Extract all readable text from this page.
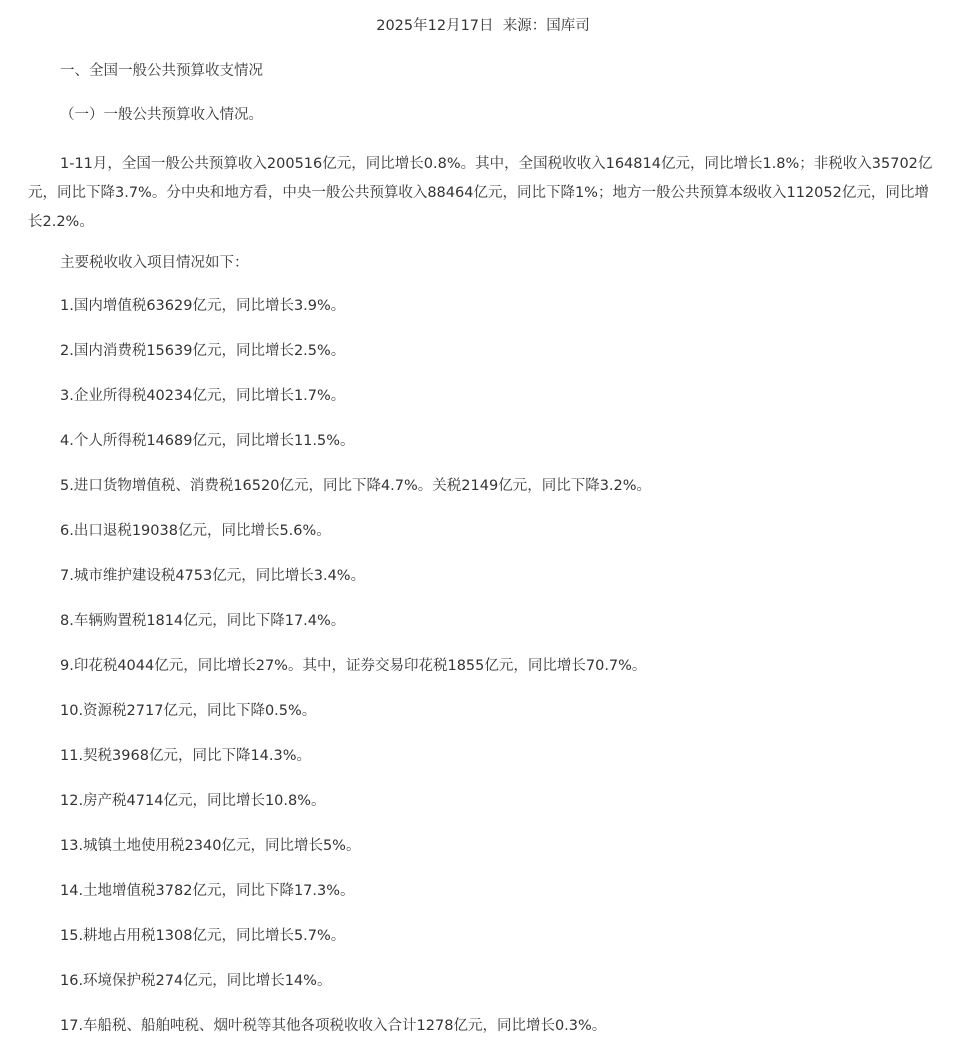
2025年12月17日 来源：国库司
一、全国一般公共预算收支情况
（一）一般公共预算收入情况。

1-11月，全国一般公共预算收入200516亿元，同比增长0.8%。其中，全国税收收入164814亿元，同比增长1.8%；非税收入35702亿元，同比下降3.7%。分中央和地方看，中央一般公共预算收入88464亿元，同比下降1%；地方一般公共预算本级收入112052亿元，同比增长2.2%。

主要税收收入项目情况如下：
1.国内增值税63629亿元，同比增长3.9%。
2.国内消费税15639亿元，同比增长2.5%。
3.企业所得税40234亿元，同比增长1.7%。
4.个人所得税14689亿元，同比增长11.5%。
5.进口货物增值税、消费税16520亿元，同比下降4.7%。关税2149亿元，同比下降3.2%。
6.出口退税19038亿元，同比增长5.6%。
7.城市维护建设税4753亿元，同比增长3.4%。
8.车辆购置税1814亿元，同比下降17.4%。
9.印花税4044亿元，同比增长27%。其中，证券交易印花税1855亿元，同比增长70.7%。
10.资源税2717亿元，同比下降0.5%。
11.契税3968亿元，同比下降14.3%。
12.房产税4714亿元，同比增长10.8%。
13.城镇土地使用税2340亿元，同比增长5%。
14.土地增值税3782亿元，同比下降17.3%。
15.耕地占用税1308亿元，同比增长5.7%。
16.环境保护税274亿元，同比增长14%。
17.车船税、船舶吨税、烟叶税等其他各项税收收入合计1278亿元，同比增长0.3%。
